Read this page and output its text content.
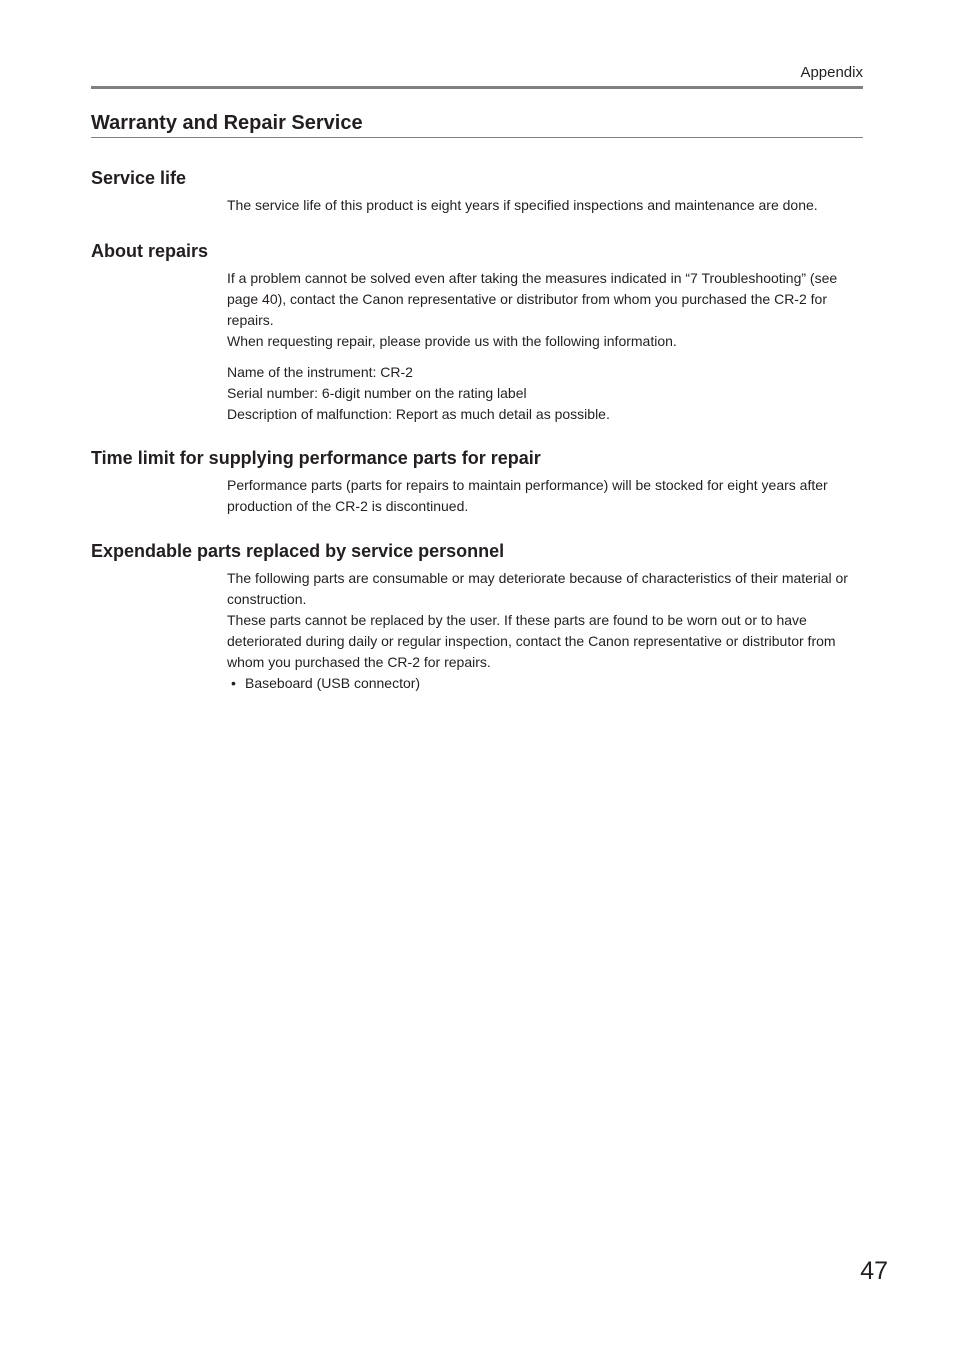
Appendix
Warranty and Repair Service
Service life

The service life of this product is eight years if specified inspections and maintenance are done.

About repairs

If a problem cannot be solved even after taking the measures indicated in “7 Troubleshooting” (see page 40), contact the Canon representative or distributor from whom you purchased the CR-2 for repairs.

When requesting repair, please provide us with the following information.

Name of the instrument: CR-2

Serial number: 6-digit number on the rating label

Description of malfunction: Report as much detail as possible.

Time limit for supplying performance parts for repair

Performance parts (parts for repairs to maintain performance) will be stocked for eight years after production of the CR-2 is discontinued.

Expendable parts replaced by service personnel

The following parts are consumable or may deteriorate because of characteristics of their material or construction.

These parts cannot be replaced by the user. If these parts are found to be worn out or to have deteriorated during daily or regular inspection, contact the Canon representative or distributor from whom you purchased the CR-2 for repairs.

• Baseboard (USB connector)
47
